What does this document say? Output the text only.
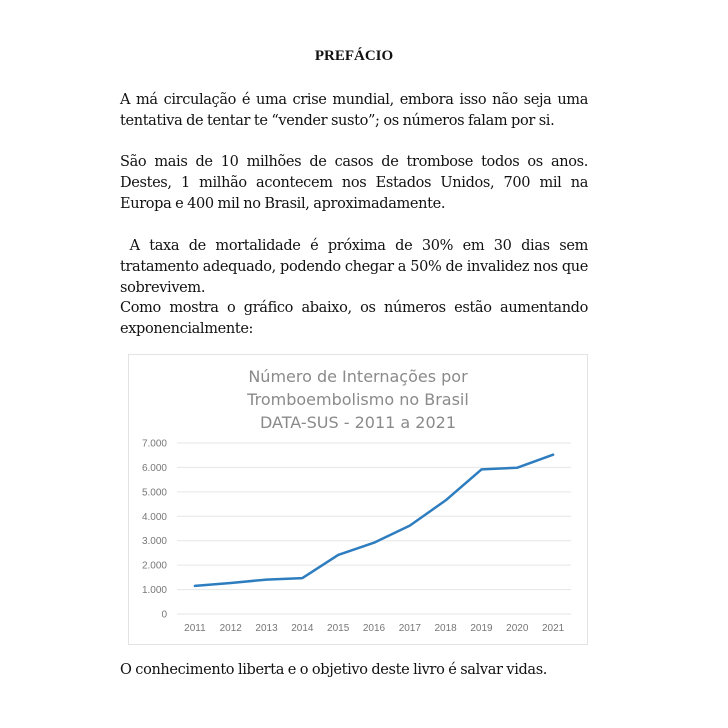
PREFÁCIO
A má circulação é uma crise mundial, embora isso não seja uma tentativa de tentar te “vender susto”; os números falam por si.
São mais de 10 milhões de casos de trombose todos os anos. Destes, 1 milhão acontecem nos Estados Unidos, 700 mil na Europa e 400 mil no Brasil, aproximadamente.
A taxa de mortalidade é próxima de 30% em 30 dias sem tratamento adequado, podendo chegar a 50% de invalidez nos que sobrevivem.
Como mostra o gráfico abaixo, os números estão aumentando exponencialmente:
Número de Internações por
Tromboembolismo no Brasil
DATA-SUS - 2011 a 2021
0
1.000
2.000
3.000
4.000
5.000
6.000
7.000
2011 2012 2013 2014 2015 2016 2017 2018 2019 2020 2021
O conhecimento liberta e o objetivo deste livro é salvar vidas.
